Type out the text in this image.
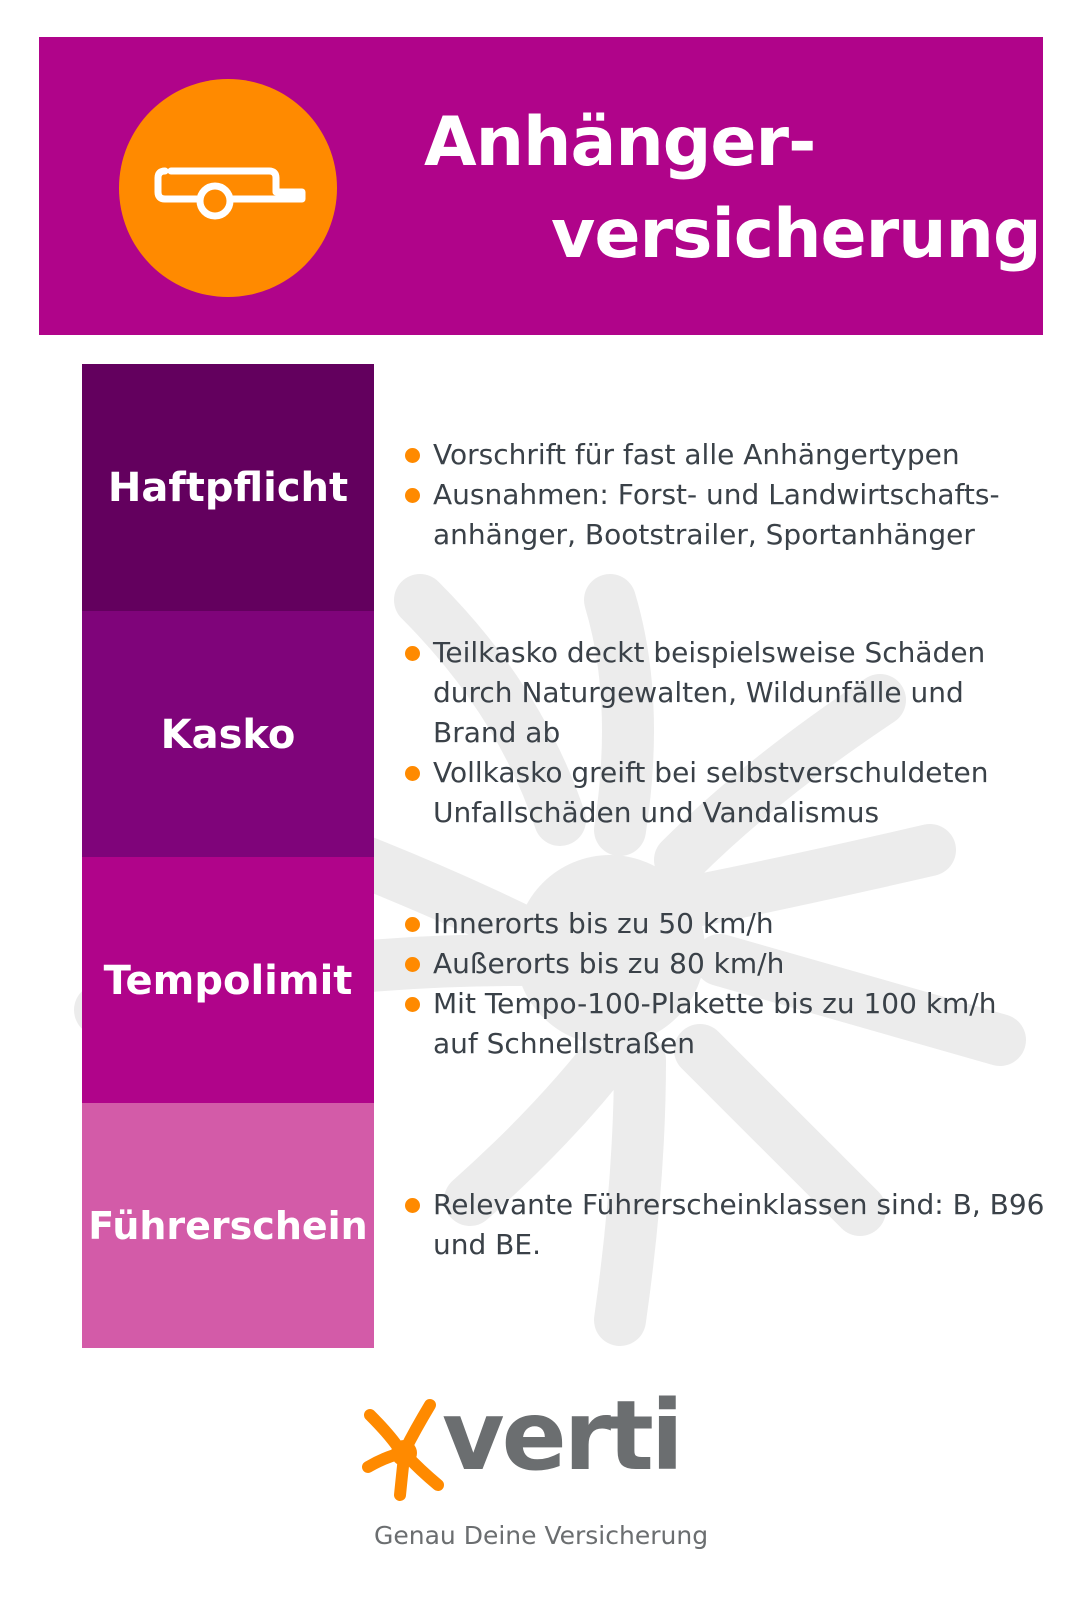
Anhänger-
versicherung
Haftpflicht
Kasko
Tempolimit
Führerschein
Vorschrift für fast alle Anhängertypen
Ausnahmen: Forst- und Landwirtschafts-anhänger, Bootstrailer, Sportanhänger
Teilkasko deckt beispielsweise Schäden durch Naturgewalten, Wildunfälle und Brand ab
Vollkasko greift bei selbstverschuldeten Unfallschäden und Vandalismus
Innerorts bis zu 50 km/h
Außerorts bis zu 80 km/h
Mit Tempo-100-Plakette bis zu 100 km/h auf Schnellstraßen
Relevante Führerscheinklassen sind: B, B96 und BE.
verti
Genau Deine Versicherung
